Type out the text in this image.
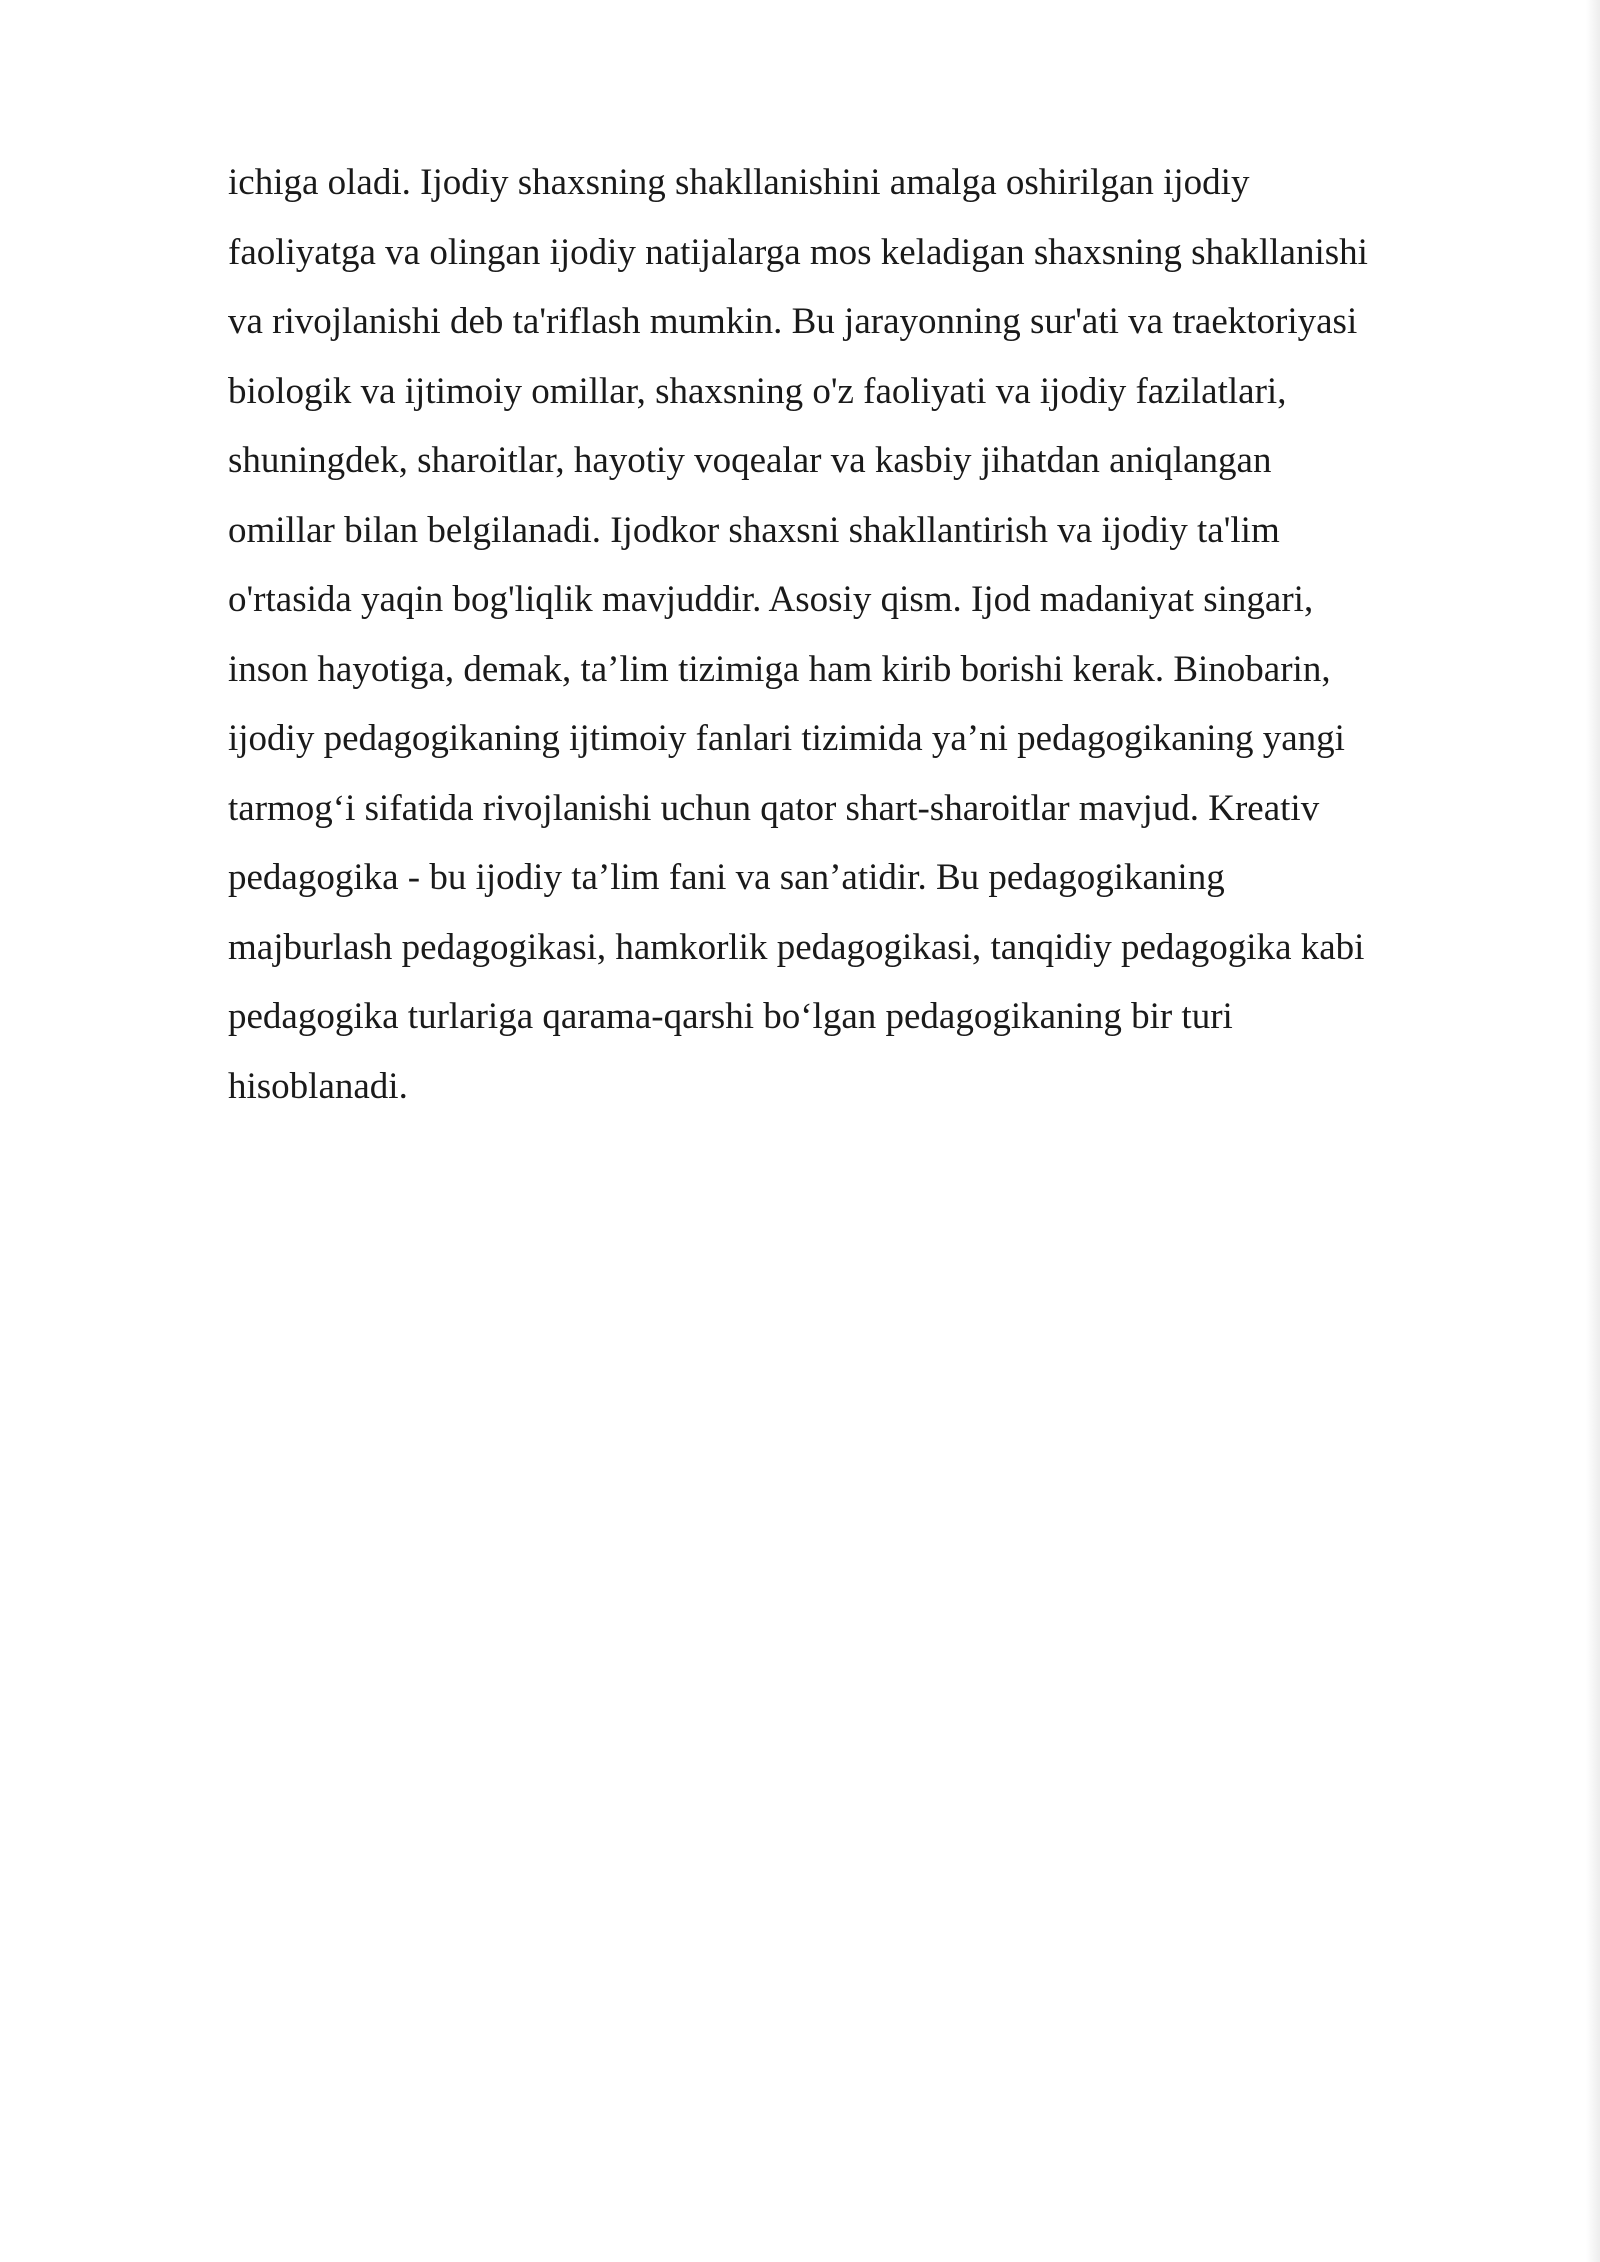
ichiga oladi. Ijodiy shaxsning shakllanishini amalga oshirilgan ijodiy
faoliyatga va olingan ijodiy natijalarga mos keladigan shaxsning shakllanishi
va rivojlanishi deb ta'riflash mumkin. Bu jarayonning sur'ati va traektoriyasi
biologik va ijtimoiy omillar, shaxsning o'z faoliyati va ijodiy fazilatlari,
shuningdek, sharoitlar, hayotiy voqealar va kasbiy jihatdan aniqlangan
omillar bilan belgilanadi. Ijodkor shaxsni shakllantirish va ijodiy ta'lim
o'rtasida yaqin bog'liqlik mavjuddir. Asosiy qism. Ijod madaniyat singari,
inson hayotiga, demak, ta’lim tizimiga ham kirib borishi kerak. Binobarin,
ijodiy pedagogikaning ijtimoiy fanlari tizimida ya’ni pedagogikaning yangi
tarmog‘i sifatida rivojlanishi uchun qator shart-sharoitlar mavjud. Kreativ
pedagogika - bu ijodiy ta’lim fani va san’atidir. Bu pedagogikaning
majburlash pedagogikasi, hamkorlik pedagogikasi, tanqidiy pedagogika kabi
pedagogika turlariga qarama-qarshi bo‘lgan pedagogikaning bir turi
hisoblanadi.
